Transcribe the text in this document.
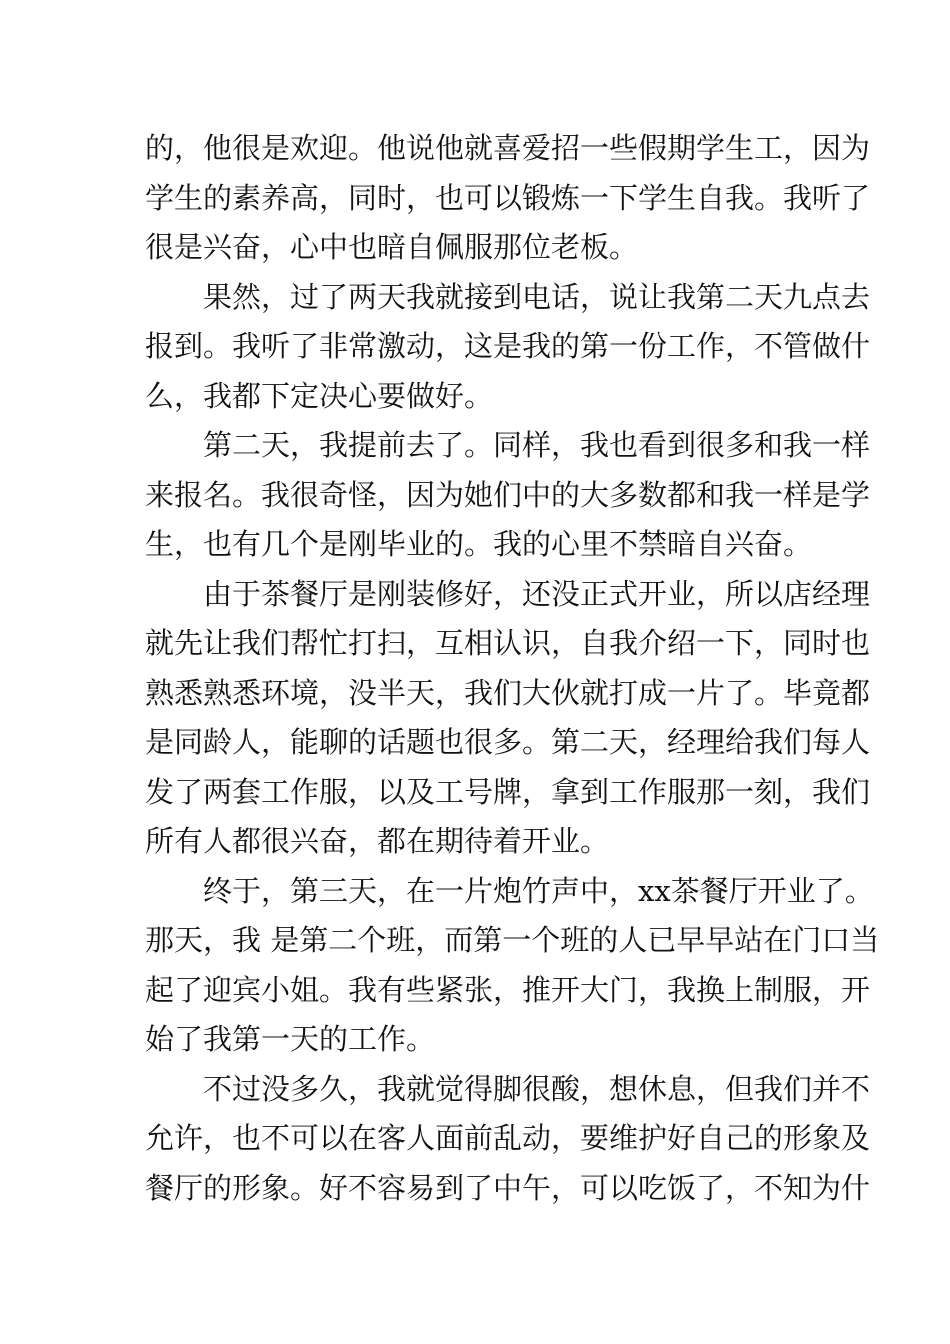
的，他很是欢迎。他说他就喜爱招一些假期学生工，因为
学生的素养高，同时，也可以锻炼一下学生自我。我听了
很是兴奋，心中也暗自佩服那位老板。
果然，过了两天我就接到电话，说让我第二天九点去
报到。我听了非常激动，这是我的第一份工作，不管做什
么，我都下定决心要做好。
第二天，我提前去了。同样，我也看到很多和我一样
来报名。我很奇怪，因为她们中的大多数都和我一样是学
生，也有几个是刚毕业的。我的心里不禁暗自兴奋。
由于茶餐厅是刚装修好，还没正式开业，所以店经理
就先让我们帮忙打扫，互相认识，自我介绍一下，同时也
熟悉熟悉环境，没半天，我们大伙就打成一片了。毕竟都
是同龄人，能聊的话题也很多。第二天，经理给我们每人
发了两套工作服，以及工号牌，拿到工作服那一刻，我们
所有人都很兴奋，都在期待着开业。
终于，第三天，在一片炮竹声中，xx茶餐厅开业了。
那天，我 是第二个班，而第一个班的人已早早站在门口当
起了迎宾小姐。我有些紧张，推开大门，我换上制服，开
始了我第一天的工作。
不过没多久，我就觉得脚很酸，想休息，但我们并不
允许，也不可以在客人面前乱动，要维护好自己的形象及
餐厅的形象。好不容易到了中午，可以吃饭了，不知为什
